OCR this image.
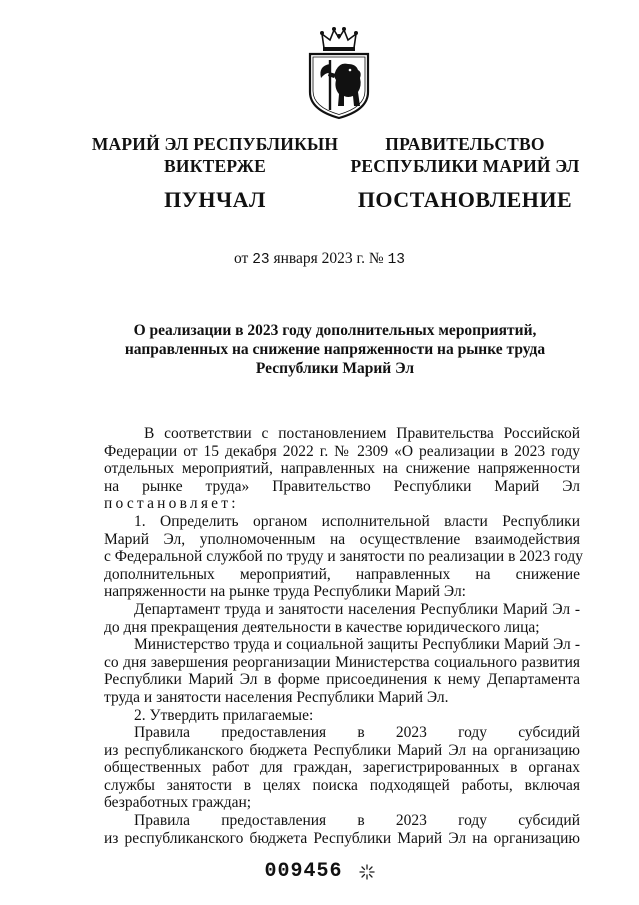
МАРИЙ ЭЛ РЕСПУБЛИКЫН
ВИКТЕРЖЕ
ПУНЧАЛ
ПРАВИТЕЛЬСТВО
РЕСПУБЛИКИ МАРИЙ ЭЛ
ПОСТАНОВЛЕНИЕ
от 23 января 2023 г. № 13
О реализации в 2023 году дополнительных мероприятий,
направленных на снижение напряженности на рынке труда
Республики Марий Эл
В соответствии с постановлением Правительства Российской
Федерации от 15 декабря 2022 г. № 2309 «О реализации в 2023 году
отдельных мероприятий, направленных на снижение напряженности
на рынке труда» Правительство Республики Марий Эл
постановляет:
1. Определить органом исполнительной власти Республики
Марий Эл, уполномоченным на осуществление взаимодействия
с Федеральной службой по труду и занятости по реализации в 2023 году
дополнительных мероприятий, направленных на снижение
напряженности на рынке труда Республики Марий Эл:
Департамент труда и занятости населения Республики Марий Эл -
до дня прекращения деятельности в качестве юридического лица;
Министерство труда и социальной защиты Республики Марий Эл -
со дня завершения реорганизации Министерства социального развития
Республики Марий Эл в форме присоединения к нему Департамента
труда и занятости населения Республики Марий Эл.
2. Утвердить прилагаемые:
Правила предоставления в 2023 году субсидий
из республиканского бюджета Республики Марий Эл на организацию
общественных работ для граждан, зарегистрированных в органах
службы занятости в целях поиска подходящей работы, включая
безработных граждан;
Правила предоставления в 2023 году субсидий
из республиканского бюджета Республики Марий Эл на организацию
009456
